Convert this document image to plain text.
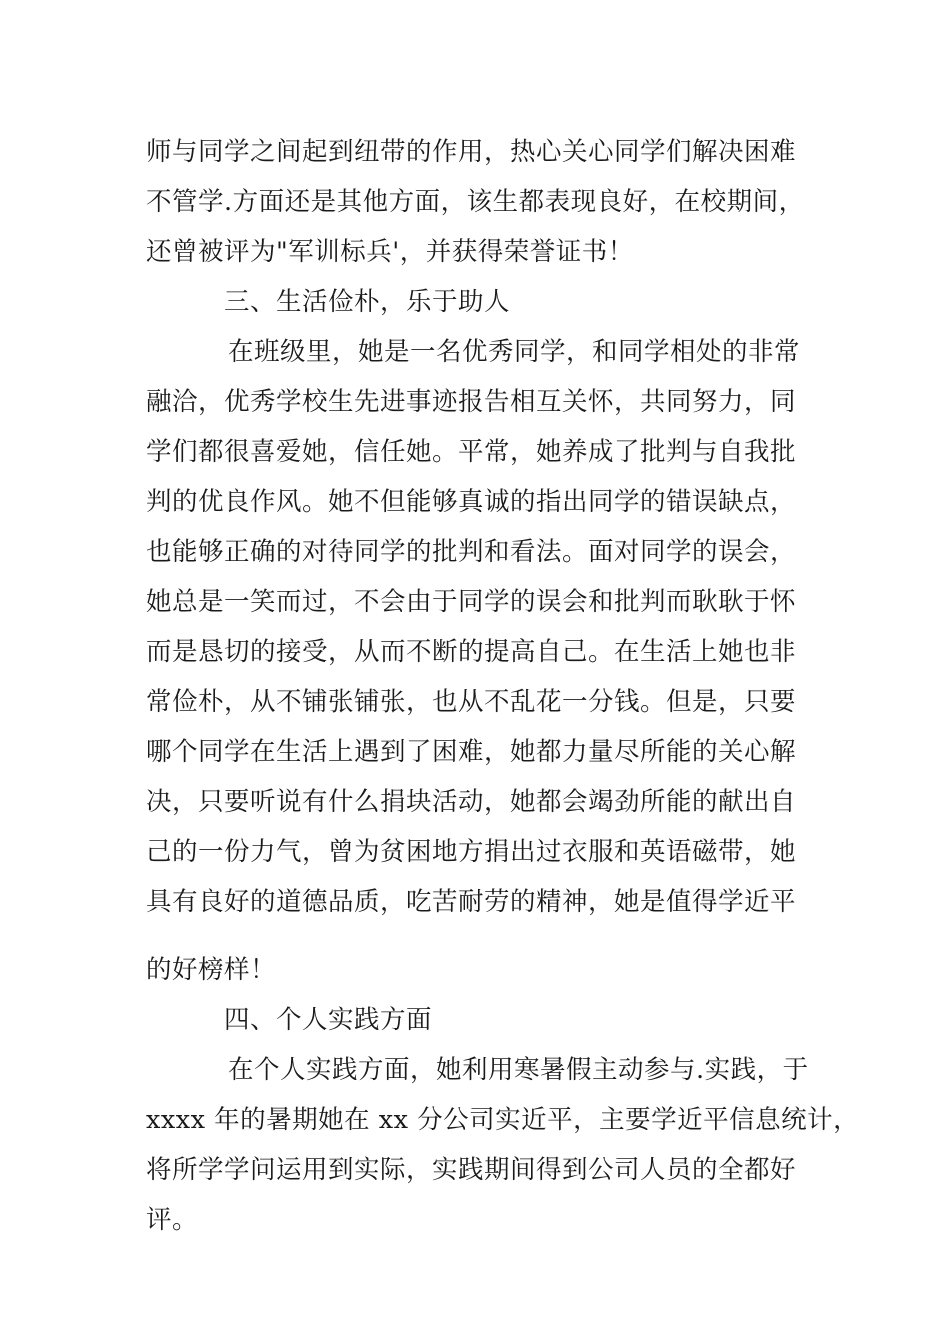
师与同学之间起到纽带的作用，热心关心同学们解决困难
不管学.方面还是其他方面，该生都表现良好，在校期间，
还曾被评为"军训标兵'，并获得荣誉证书！
三、生活俭朴，乐于助人
在班级里，她是一名优秀同学，和同学相处的非常
融洽，优秀学校生先进事迹报告相互关怀，共同努力，同
学们都很喜爱她，信任她。平常，她养成了批判与自我批
判的优良作风。她不但能够真诚的指出同学的错误缺点，
也能够正确的对待同学的批判和看法。面对同学的误会，
她总是一笑而过，不会由于同学的误会和批判而耿耿于怀
而是恳切的接受，从而不断的提高自己。在生活上她也非
常俭朴，从不铺张铺张，也从不乱花一分钱。但是，只要
哪个同学在生活上遇到了困难，她都力量尽所能的关心解
决，只要听说有什么捐块活动，她都会竭劲所能的献出自
己的一份力气，曾为贫困地方捐出过衣服和英语磁带，她
具有良好的道德品质，吃苦耐劳的精神，她是值得学近平
的好榜样！
四、个人实践方面
在个人实践方面，她利用寒暑假主动参与.实践，于
xxxx 年的暑期她在 xx 分公司实近平，主要学近平信息统计，
将所学学问运用到实际，实践期间得到公司人员的全都好
评。
